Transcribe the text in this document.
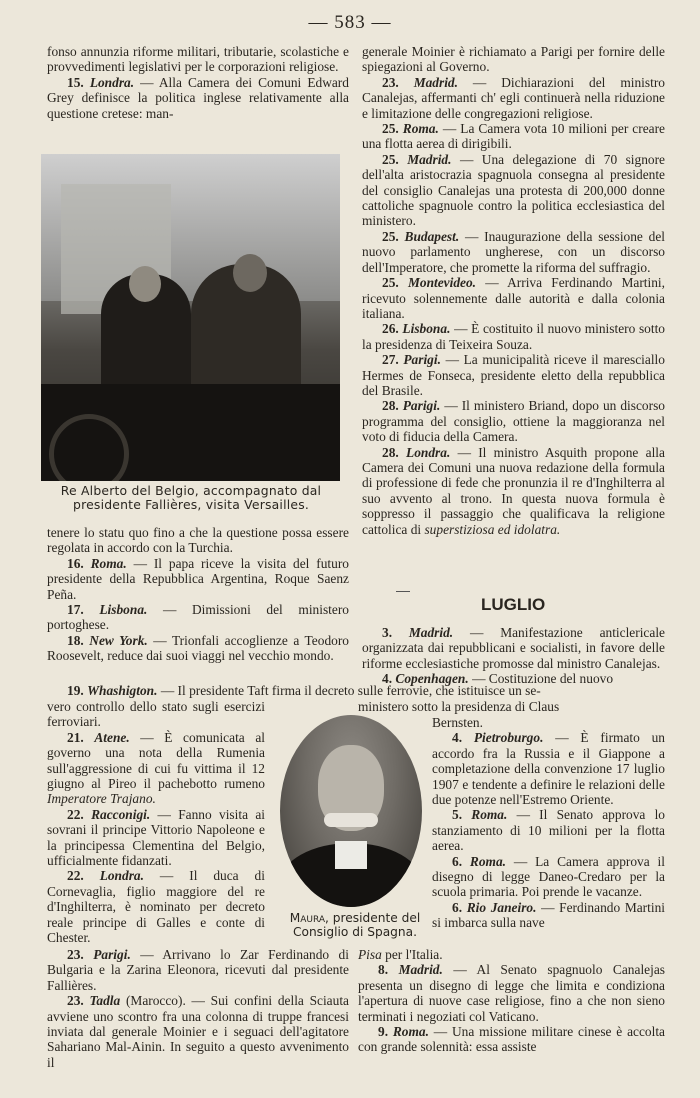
— 583 —

fonso annunzia riforme militari, tributarie, scolastiche e provvedimenti legislativi per le corporazioni religiose.

15. Londra. — Alla Camera dei Comuni Edward Grey definisce la politica inglese relativamente alla questione cretese: man-

Re Alberto del Belgio, accompagnato dal presidente Fallières, visita Versailles.

tenere lo statu quo fino a che la questione possa essere regolata in accordo con la Turchia.

16. Roma. — Il papa riceve la visita del futuro presidente della Repubblica Argentina, Roque Saenz Peña.

17. Lisbona. — Dimissioni del ministero portoghese.

18. New York. — Trionfali accoglienze a Teodoro Roosevelt, reduce dai suoi viaggi nel vecchio mondo.

19. Whashigton. — Il presidente Taft firma il decreto sulle ferrovie, che istituisce un se-

vero controllo dello stato sugli esercizi ferroviari.

21. Atene. — È comunicata al governo una nota della Rumenia sull'aggressione di cui fu vittima il 12 giugno al Pireo il pachebotto rumeno Imperatore Trajano.

22. Racconigi. — Fanno visita ai sovrani il principe Vittorio Napoleone e la principessa Clementina del Belgio, ufficialmente fidanzati.

22. Londra. — Il duca di Cornevaglia, figlio maggiore del re d'Inghilterra, è nominato per decreto reale principe di Galles e conte di Chester.

Maura, presidente del Consiglio di Spagna.

23. Parigi. — Arrivano lo Zar Ferdinando di Bulgaria e la Zarina Eleonora, ricevuti dal presidente Fallières.

23. Tadla (Marocco). — Sui confini della Sciauta avviene uno scontro fra una colonna di truppe francesi inviata dal generale Moinier e i seguaci dell'agitatore Sahariano Mal-Ainin. In seguito a questo avvenimento il

generale Moinier è richiamato a Parigi per fornire delle spiegazioni al Governo.

23. Madrid. — Dichiarazioni del ministro Canalejas, affermanti ch' egli continuerà nella riduzione e limitazione delle congregazioni religiose.

25. Roma. — La Camera vota 10 milioni per creare una flotta aerea di dirigibili.

25. Madrid. — Una delegazione di 70 signore dell'alta aristocrazia spagnuola consegna al presidente del consiglio Canalejas una protesta di 200,000 donne cattoliche spagnuole contro la politica ecclesiastica del ministero.

25. Budapest. — Inaugurazione della sessione del nuovo parlamento ungherese, con un discorso dell'Imperatore, che promette la riforma del suffragio.

25. Montevideo. — Arriva Ferdinando Martini, ricevuto solennemente dalle autorità e dalla colonia italiana.

26. Lisbona. — È costituito il nuovo ministero sotto la presidenza di Teixeira Souza.

27. Parigi. — La municipalità riceve il maresciallo Hermes de Fonseca, presidente eletto della repubblica del Brasile.

28. Parigi. — Il ministero Briand, dopo un discorso programma del consiglio, ottiene la maggioranza nel voto di fiducia della Camera.

28. Londra. — Il ministro Asquith propone alla Camera dei Comuni una nuova redazione della formula di professione di fede che pronunzia il re d'Inghilterra al suo avvento al trono. In questa nuova formula è soppresso il passaggio che qualificava la religione cattolica di superstiziosa ed idolatra.

LUGLIO

3. Madrid. — Manifestazione anticlericale organizzata dai repubblicani e socialisti, in favore delle riforme ecclesiastiche promosse dal ministro Canalejas.

4. Copenhagen. — Costituzione del nuovo

ministero sotto la presidenza di Claus

Bernsten.

4. Pietroburgo. — È firmato un accordo fra la Russia e il Giappone a completazione della convenzione 17 luglio 1907 e tendente a definire le relazioni delle due potenze nell'Estremo Oriente.

5. Roma. — Il Senato approva lo stanziamento di 10 milioni per la flotta aerea.

6. Roma. — La Camera approva il disegno di legge Daneo-Credaro per la scuola primaria. Poi prende le vacanze.

6. Rio Janeiro. — Ferdinando Martini si imbarca sulla nave

Pisa per l'Italia.

8. Madrid. — Al Senato spagnuolo Canalejas presenta un disegno di legge che limita e condiziona l'apertura di nuove case religiose, fino a che non sieno terminati i negoziati col Vaticano.

9. Roma. — Una missione militare cinese è accolta con grande solennità: essa assiste
